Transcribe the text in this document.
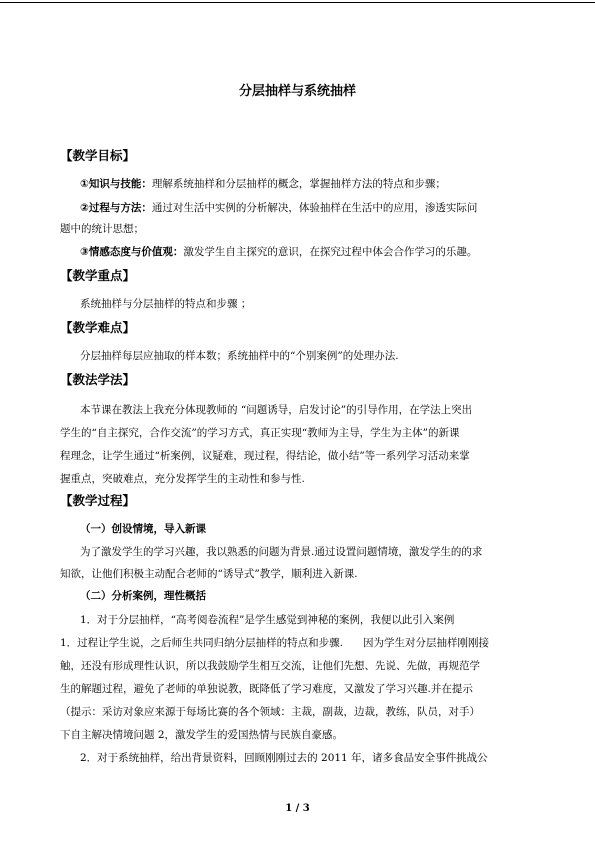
分层抽样与系统抽样
【教学目标】
①知识与技能：理解系统抽样和分层抽样的概念，掌握抽样方法的特点和步骤；
②过程与方法：通过对生活中实例的分析解决，体验抽样在生活中的应用，渗透实际问
题中的统计思想；
③情感态度与价值观：激发学生自主探究的意识，在探究过程中体会合作学习的乐趣。
【教学重点】
系统抽样与分层抽样的特点和步骤 ；
【教学难点】
分层抽样每层应抽取的样本数；系统抽样中的“个别案例”的处理办法.
【教法学法】
本节课在教法上我充分体现教师的 “问题诱导，启发讨论”的引导作用，在学法上突出
学生的“自主探究，合作交流”的学习方式，真正实现“教师为主导，学生为主体”的新课
程理念，让学生通过“析案例，议疑难，现过程，得结论，做小结”等一系列学习活动来掌
握重点，突破难点，充分发挥学生的主动性和参与性.
【教学过程】
（一）创设情境，导入新课
为了激发学生的学习兴趣，我以熟悉的问题为背景.通过设置问题情境，激发学生的的求
知欲，让他们积极主动配合老师的“诱导式”教学，顺利进入新课.
（二）分析案例，理性概括
1．对于分层抽样，“高考阅卷流程”是学生感觉到神秘的案例，我便以此引入案例
1．过程让学生说，之后师生共同归纳分层抽样的特点和步骤.      因为学生对分层抽样刚刚接
触，还没有形成理性认识，所以我鼓励学生相互交流，让他们先想、先说、先做，再规范学
生的解题过程，避免了老师的单独说教，既降低了学习难度，又激发了学习兴趣.并在提示
（提示：采访对象应来源于每场比赛的各个领域：主裁，副裁，边裁，教练，队员，对手）
下自主解决情境问题 2，激发学生的爱国热情与民族自豪感。
2．对于系统抽样，给出背景资料，回顾刚刚过去的 2011 年，诸多食品安全事件挑战公
1 / 3
